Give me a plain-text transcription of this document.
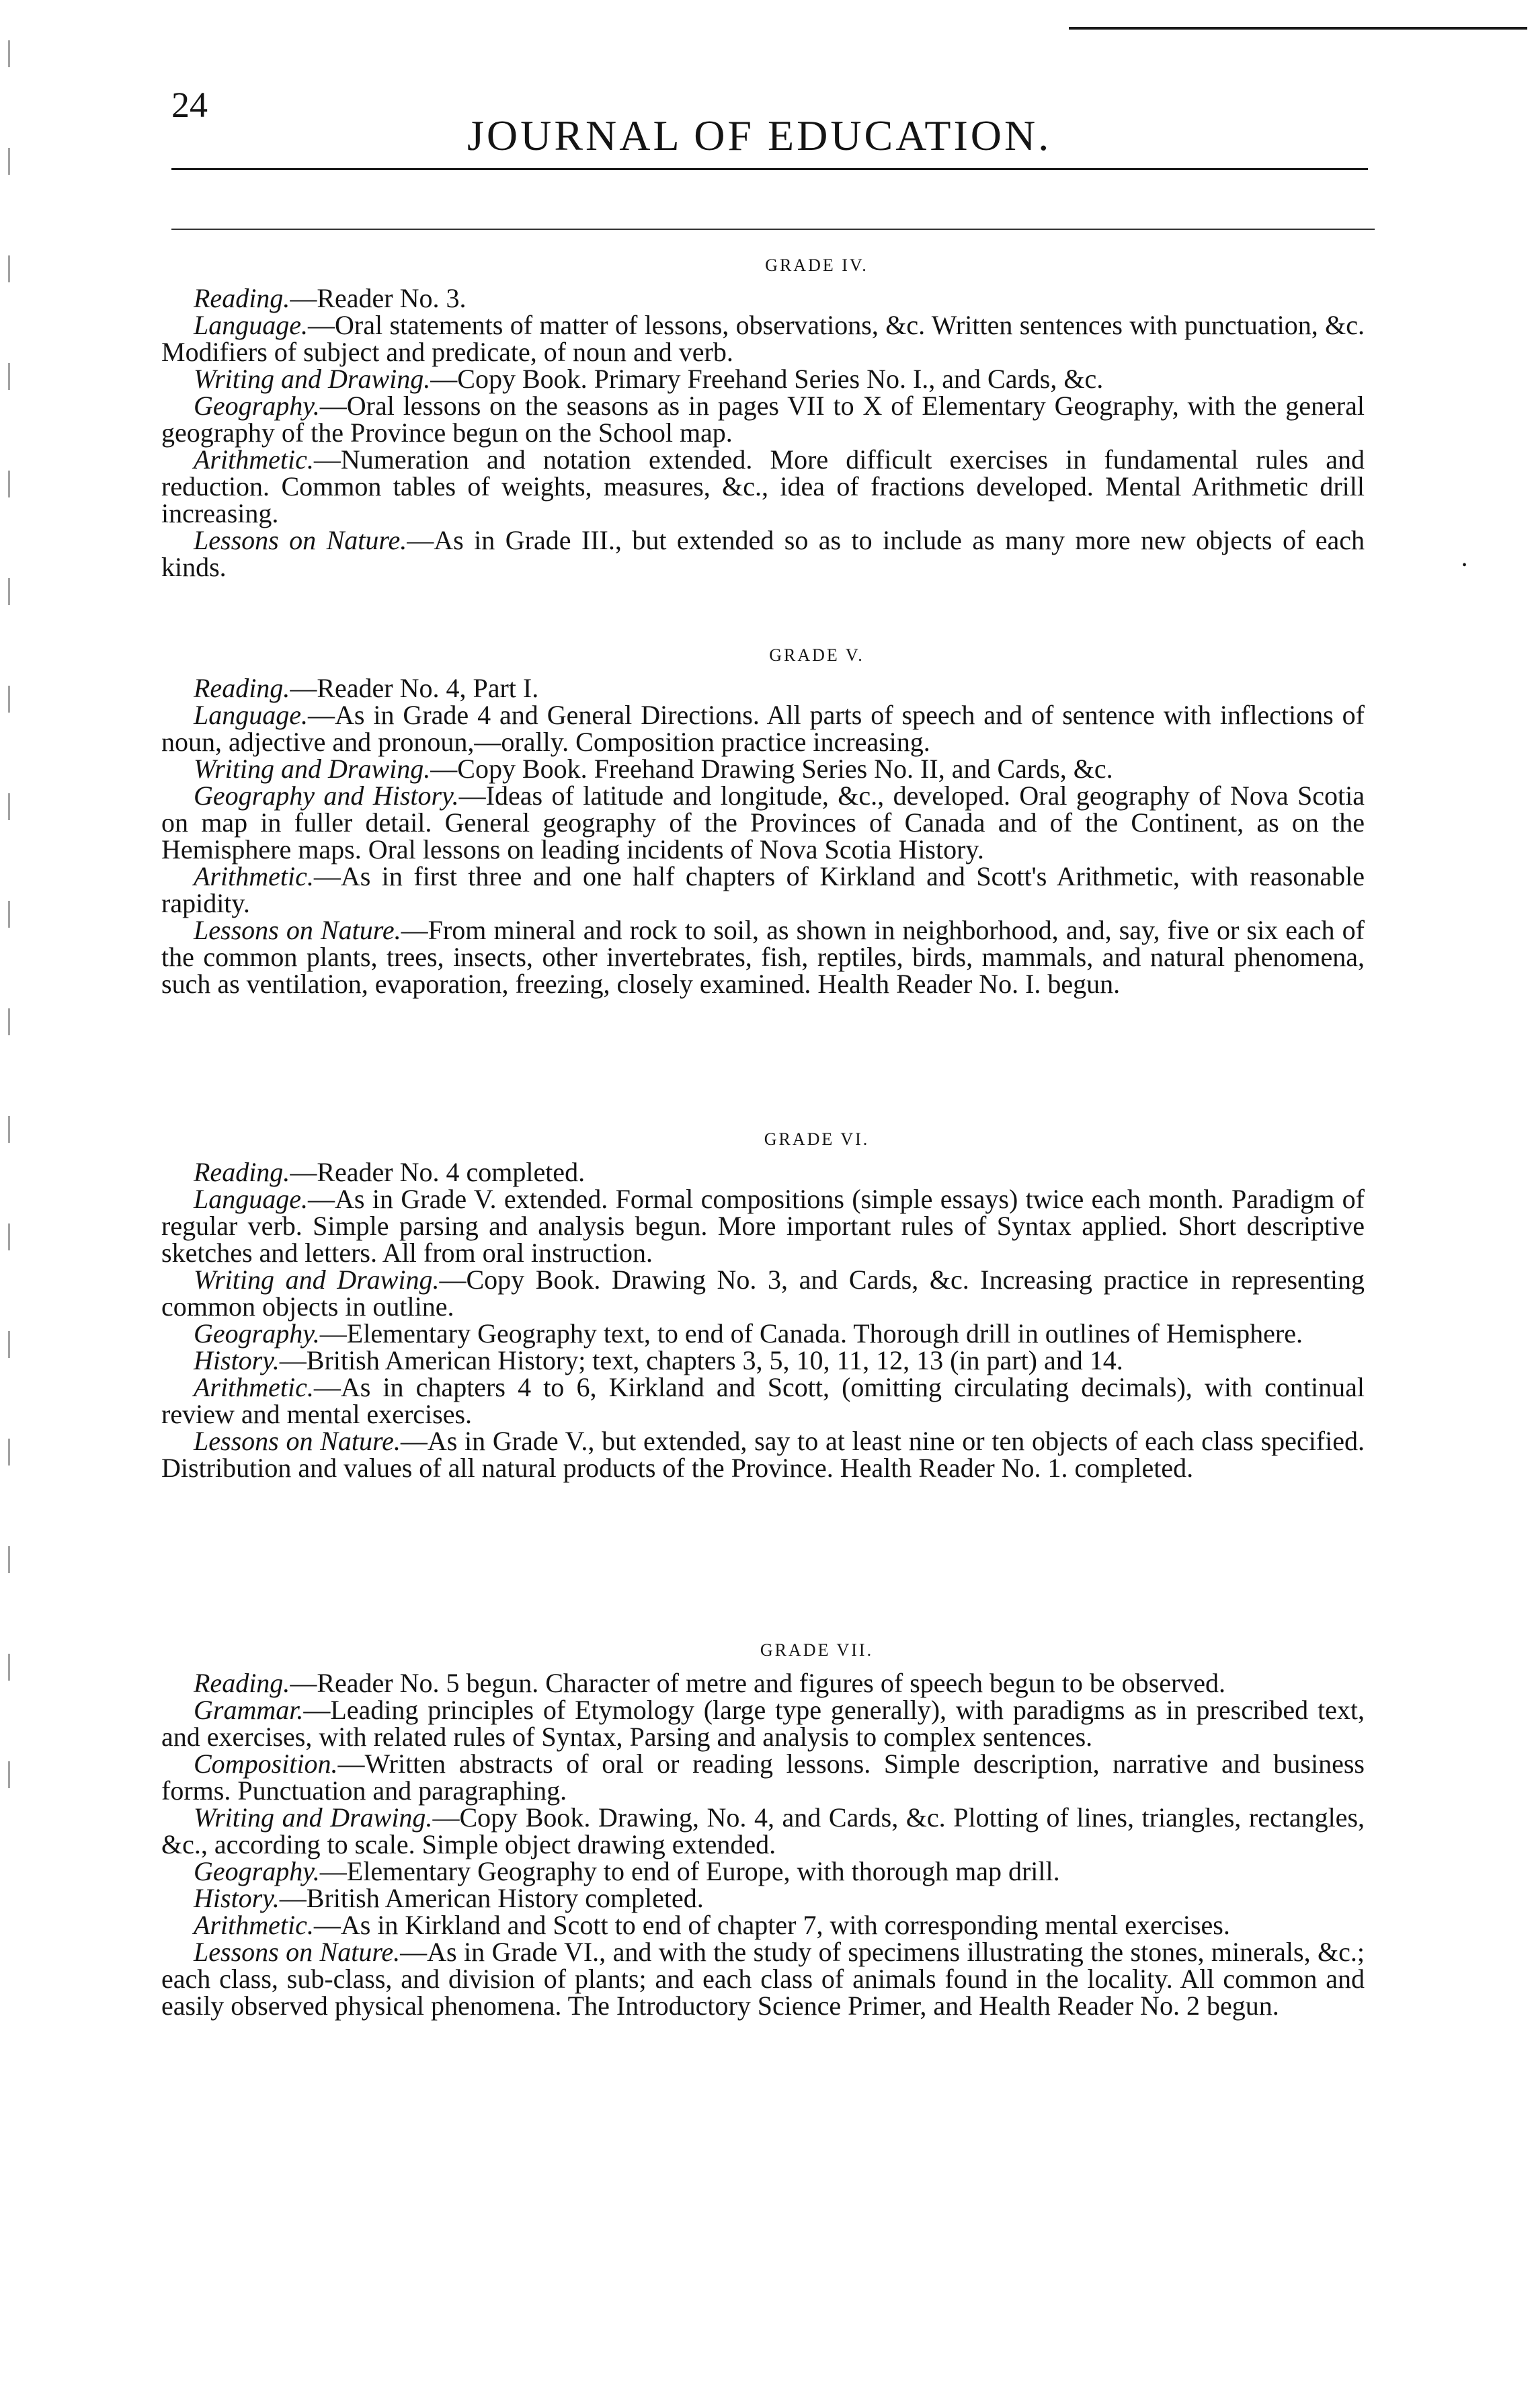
24
JOURNAL OF EDUCATION.
GRADE IV.

Reading.—Reader No. 3.

Language.—Oral statements of matter of lessons, observations, &c. Written sentences with punctuation, &c. Modifiers of subject and predicate, of noun and verb.

Writing and Drawing.—Copy Book. Primary Freehand Series No. I., and Cards, &c.

Geography.—Oral lessons on the seasons as in pages VII to X of Elementary Geography, with the general geography of the Province begun on the School map.

Arithmetic.—Numeration and notation extended. More difficult exercises in fundamental rules and reduction. Common tables of weights, measures, &c., idea of fractions developed. Mental Arithmetic drill increasing.

Lessons on Nature.—As in Grade III., but extended so as to include as many more new objects of each kinds.

GRADE V.

Reading.—Reader No. 4, Part I.

Language.—As in Grade 4 and General Directions. All parts of speech and of sentence with inflections of noun, adjective and pronoun,—orally. Composition practice increasing.

Writing and Drawing.—Copy Book. Freehand Drawing Series No. II, and Cards, &c.

Geography and History.—Ideas of latitude and longitude, &c., developed. Oral geography of Nova Scotia on map in fuller detail. General geography of the Provinces of Canada and of the Continent, as on the Hemisphere maps. Oral lessons on leading incidents of Nova Scotia History.

Arithmetic.—As in first three and one half chapters of Kirkland and Scott's Arithmetic, with reasonable rapidity.

Lessons on Nature.—From mineral and rock to soil, as shown in neighborhood, and, say, five or six each of the common plants, trees, insects, other invertebrates, fish, reptiles, birds, mammals, and natural phenomena, such as ventilation, evaporation, freezing, closely examined. Health Reader No. I. begun.

GRADE VI.

Reading.—Reader No. 4 completed.

Language.—As in Grade V. extended. Formal compositions (simple essays) twice each month. Paradigm of regular verb. Simple parsing and analysis begun. More important rules of Syntax applied. Short descriptive sketches and letters. All from oral instruction.

Writing and Drawing.—Copy Book. Drawing No. 3, and Cards, &c. Increasing practice in representing common objects in outline.

Geography.—Elementary Geography text, to end of Canada. Thorough drill in outlines of Hemisphere.

History.—British American History; text, chapters 3, 5, 10, 11, 12, 13 (in part) and 14.

Arithmetic.—As in chapters 4 to 6, Kirkland and Scott, (omitting circulating decimals), with continual review and mental exercises.

Lessons on Nature.—As in Grade V., but extended, say to at least nine or ten objects of each class specified. Distribution and values of all natural products of the Province. Health Reader No. 1. completed.

GRADE VII.

Reading.—Reader No. 5 begun. Character of metre and figures of speech begun to be observed.

Grammar.—Leading principles of Etymology (large type generally), with paradigms as in prescribed text, and exercises, with related rules of Syntax, Parsing and analysis to complex sentences.

Composition.—Written abstracts of oral or reading lessons. Simple description, narrative and business forms. Punctuation and paragraphing.

Writing and Drawing.—Copy Book. Drawing, No. 4, and Cards, &c. Plotting of lines, triangles, rectangles, &c., according to scale. Simple object drawing extended.

Geography.—Elementary Geography to end of Europe, with thorough map drill.

History.—British American History completed.

Arithmetic.—As in Kirkland and Scott to end of chapter 7, with corresponding mental exercises.

Lessons on Nature.—As in Grade VI., and with the study of specimens illustrating the stones, minerals, &c.; each class, sub-class, and division of plants; and each class of animals found in the locality. All common and easily observed physical phenomena. The Introductory Science Primer, and Health Reader No. 2 begun.

•
